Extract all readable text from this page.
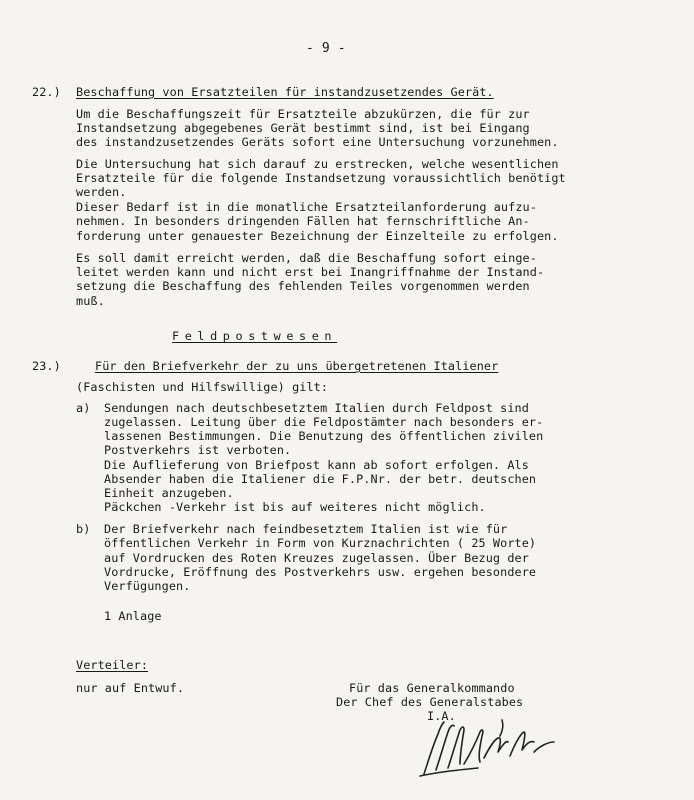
- 9 -
22.) Beschaffung von Ersatzteilen für instandzusetzendes Gerät.
Um die Beschaffungszeit für Ersatzteile abzukürzen, die für zur
Instandsetzung abgegebenes Gerät bestimmt sind, ist bei Eingang
des instandzusetzendes Geräts sofort eine Untersuchung vorzunehmen.
Die Untersuchung hat sich darauf zu erstrecken, welche wesentlichen
Ersatzteile für die folgende Instandsetzung voraussichtlich benötigt
werden.
Dieser Bedarf ist in die monatliche Ersatzteilanforderung aufzu-
nehmen. In besonders dringenden Fällen hat fernschriftliche An-
forderung unter genauester Bezeichnung der Einzelteile zu erfolgen.
Es soll damit erreicht werden, daß die Beschaffung sofort einge-
leitet werden kann und nicht erst bei Inangriffnahme der Instand-
setzung die Beschaffung des fehlenden Teiles vorgenommen werden
muß.
Feldpostwesen
23.)	Für den Briefverkehr der zu uns übergetretenen Italiener
(Faschisten und Hilfswillige) gilt:
a) Sendungen nach deutschbesetztem Italien durch Feldpost sind
zugelassen. Leitung über die Feldpostämter nach besonders er-
lassenen Bestimmungen. Die Benutzung des öffentlichen zivilen
Postverkehrs ist verboten.
Die Auflieferung von Briefpost kann ab sofort erfolgen. Als
Absender haben die Italiener die F.P.Nr. der betr. deutschen
Einheit anzugeben.
Päckchen -Verkehr ist bis auf weiteres nicht möglich.
b) Der Briefverkehr nach feindbesetztem Italien ist wie für
öffentlichen Verkehr in Form von Kurznachrichten ( 25 Worte)
auf Vordrucken des Roten Kreuzes zugelassen. Über Bezug der
Vordrucke, Eröffnung des Postverkehrs usw. ergehen besondere
Verfügungen.
1 Anlage
Verteiler:
nur auf Entwuf.	Für das Generalkommando
Der Chef des Generalstabes
I.A.
